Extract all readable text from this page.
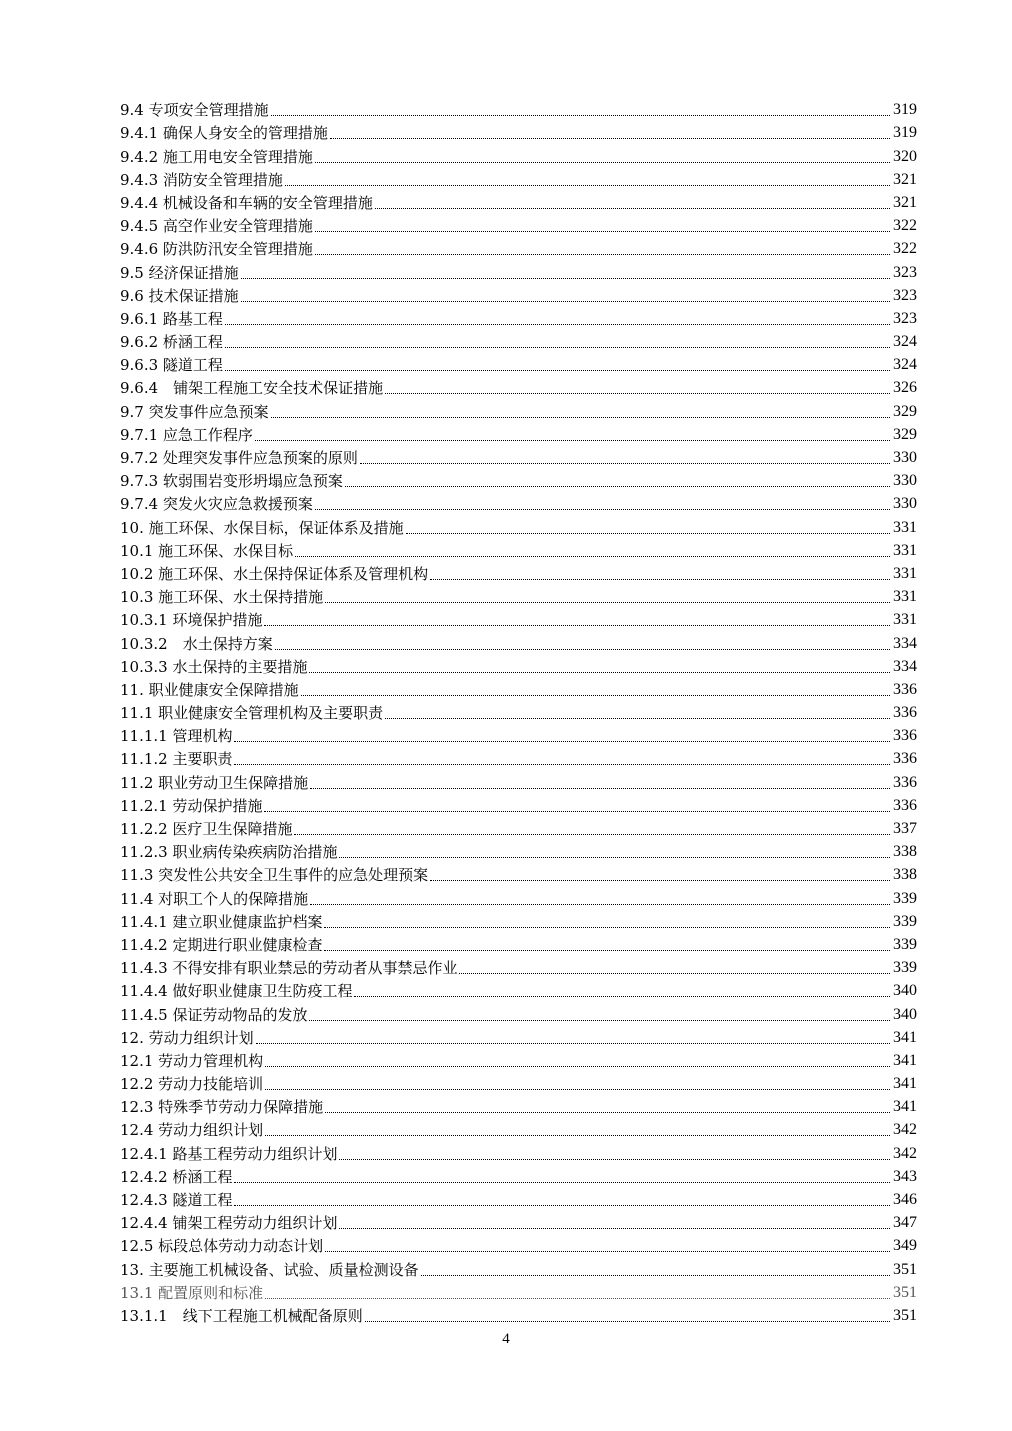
9.4 专项安全管理措施	319
9.4.1 确保人身安全的管理措施	319
9.4.2 施工用电安全管理措施	320
9.4.3 消防安全管理措施	321
9.4.4 机械设备和车辆的安全管理措施	321
9.4.5 高空作业安全管理措施	322
9.4.6 防洪防汛安全管理措施	322
9.5 经济保证措施	323
9.6 技术保证措施	323
9.6.1 路基工程	323
9.6.2 桥涵工程	324
9.6.3 隧道工程	324
9.6.4　铺架工程施工安全技术保证措施	326
9.7 突发事件应急预案	329
9.7.1 应急工作程序	329
9.7.2 处理突发事件应急预案的原则	330
9.7.3 软弱围岩变形坍塌应急预案	330
9.7.4 突发火灾应急救援预案	330
10. 施工环保、水保目标，保证体系及措施	331
10.1 施工环保、水保目标	331
10.2 施工环保、水土保持保证体系及管理机构	331
10.3 施工环保、水土保持措施	331
10.3.1 环境保护措施	331
10.3.2　水土保持方案	334
10.3.3 水土保持的主要措施	334
11. 职业健康安全保障措施	336
11.1 职业健康安全管理机构及主要职责	336
11.1.1 管理机构	336
11.1.2 主要职责	336
11.2 职业劳动卫生保障措施	336
11.2.1 劳动保护措施	336
11.2.2 医疗卫生保障措施	337
11.2.3 职业病传染疾病防治措施	338
11.3 突发性公共安全卫生事件的应急处理预案	338
11.4 对职工个人的保障措施	339
11.4.1 建立职业健康监护档案	339
11.4.2 定期进行职业健康检查	339
11.4.3 不得安排有职业禁忌的劳动者从事禁忌作业	339
11.4.4 做好职业健康卫生防疫工程	340
11.4.5 保证劳动物品的发放	340
12. 劳动力组织计划	341
12.1 劳动力管理机构	341
12.2 劳动力技能培训	341
12.3 特殊季节劳动力保障措施	341
12.4 劳动力组织计划	342
12.4.1 路基工程劳动力组织计划	342
12.4.2 桥涵工程	343
12.4.3 隧道工程	346
12.4.4 铺架工程劳动力组织计划	347
12.5 标段总体劳动力动态计划	349
13. 主要施工机械设备、试验、质量检测设备	351
13.1 配置原则和标准	351
13.1.1　线下工程施工机械配备原则	351
4
